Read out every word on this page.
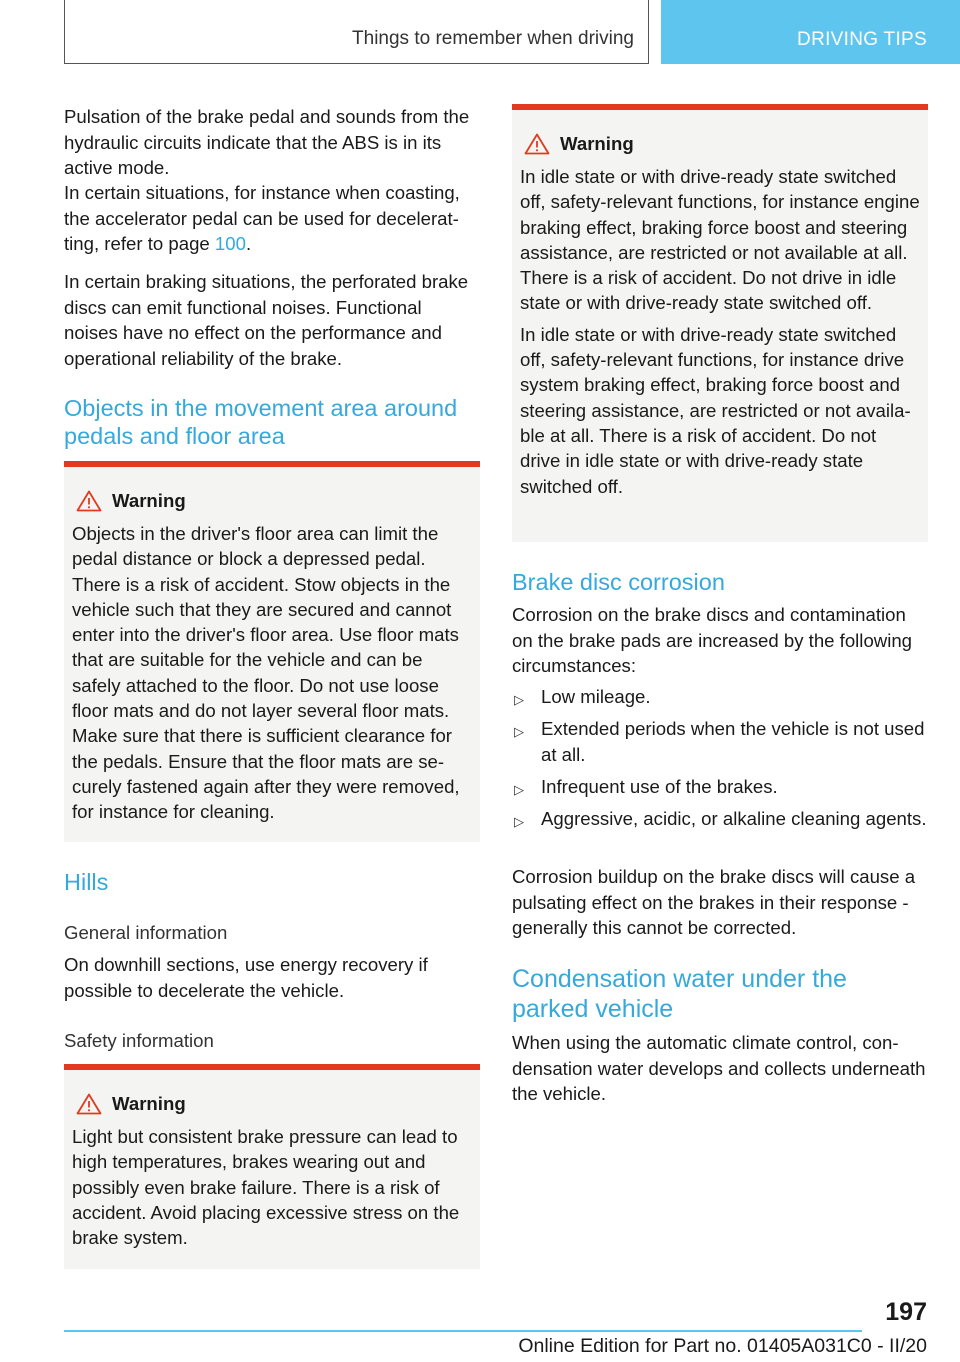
Things to remember when driving	DRIVING TIPS

Pulsation of the brake pedal and sounds from the hydraulic circuits indicate that the ABS is in its active mode.

In certain situations, for instance when coasting, the accelerator pedal can be used for deceleratting, refer to page 100.

In certain braking situations, the perforated brake discs can emit functional noises. Functional noises have no effect on the performance and operational reliability of the brake.

Objects in the movement area around
pedals and floor area
Warning

Objects in the driver's floor area can limit the pedal distance or block a depressed pedal. There is a risk of accident. Stow objects in the vehicle such that they are secured and cannot enter into the driver's floor area. Use floor mats that are suitable for the vehicle and can be safely attached to the floor. Do not use loose floor mats and do not layer several floor mats. Make sure that there is sufficient clearance for the pedals. Ensure that the floor mats are securely fastened again after they were removed, for instance for cleaning.

Hills
General information

On downhill sections, use energy recovery if possible to decelerate the vehicle.

Safety information
Warning

Light but consistent brake pressure can lead to high temperatures, brakes wearing out and possibly even brake failure. There is a risk of accident. Avoid placing excessive stress on the brake system.

Warning

In idle state or with drive-ready state switched off, safety-relevant functions, for instance engine braking effect, braking force boost and steering assistance, are restricted or not available at all. There is a risk of accident. Do not drive in idle state or with drive-ready state switched off.

In idle state or with drive-ready state switched off, safety-relevant functions, for instance drive system braking effect, braking force boost and steering assistance, are restricted or not available at all. There is a risk of accident. Do not drive in idle state or with drive-ready state switched off.

Brake disc corrosion

Corrosion on the brake discs and contamination on the brake pads are increased by the following circumstances:

▷ Low mileage.
▷ Extended periods when the vehicle is not used at all.
▷ Infrequent use of the brakes.
▷ Aggressive, acidic, or alkaline cleaning agents.

Corrosion buildup on the brake discs will cause a pulsating effect on the brakes in their response - generally this cannot be corrected.

Condensation water under the parked vehicle

When using the automatic climate control, condensation water develops and collects underneath the vehicle.

197
Online Edition for Part no. 01405A031C0 - II/20
